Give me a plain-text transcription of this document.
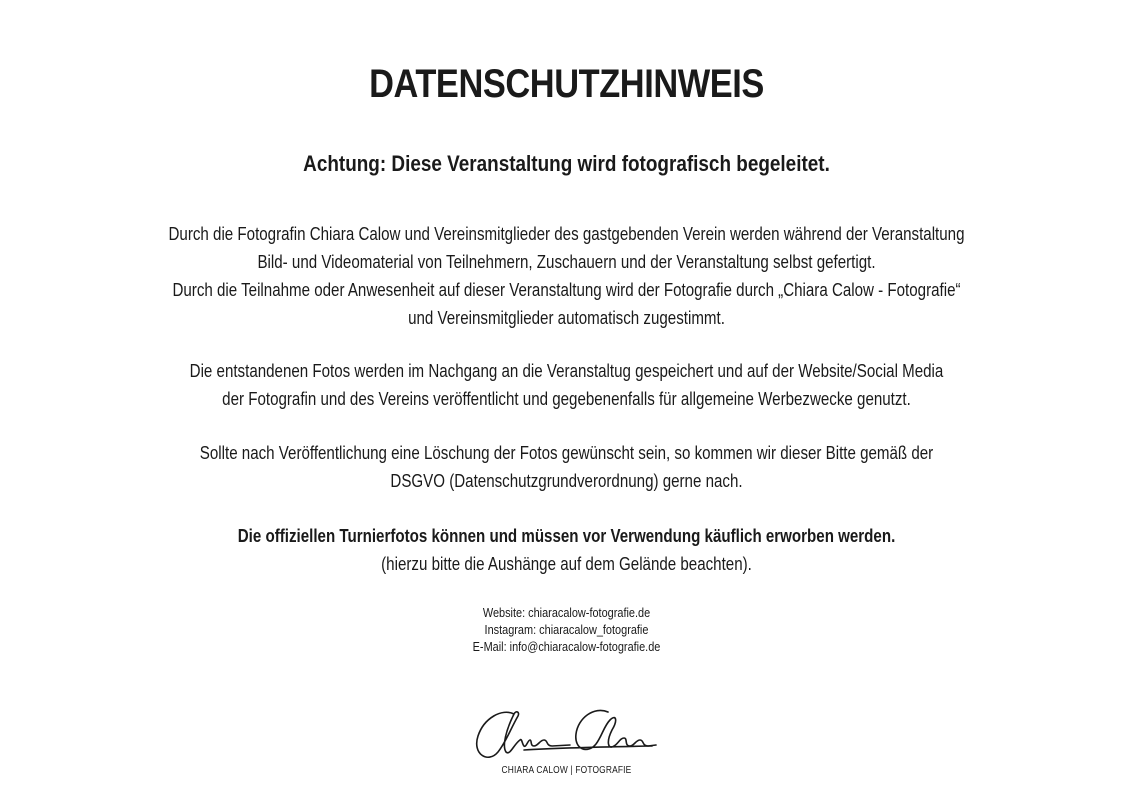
DATENSCHUTZHINWEIS
Achtung: Diese Veranstaltung wird fotografisch begeleitet.

Durch die Fotografin Chiara Calow und Vereinsmitglieder des gastgebenden Verein werden während der Veranstaltung
Bild- und Videomaterial von Teilnehmern, Zuschauern und der Veranstaltung selbst gefertigt.
Durch die Teilnahme oder Anwesenheit auf dieser Veranstaltung wird der Fotografie durch „Chiara Calow - Fotografie“
und Vereinsmitglieder automatisch zugestimmt.

Die entstandenen Fotos werden im Nachgang an die Veranstaltug gespeichert und auf der Website/Social Media
der Fotografin und des Vereins veröffentlicht und gegebenenfalls für allgemeine Werbezwecke genutzt.

Sollte nach Veröffentlichung eine Löschung der Fotos gewünscht sein, so kommen wir dieser Bitte gemäß der
DSGVO (Datenschutzgrundverordnung) gerne nach.

Die offiziellen Turnierfotos können und müssen vor Verwendung käuflich erworben werden.
(hierzu bitte die Aushänge auf dem Gelände beachten).

Website: chiaracalow-fotografie.de
Instagram: chiaracalow_fotografie
E-Mail: info@chiaracalow-fotografie.de

CHIARA CALOW | FOTOGRAFIE
